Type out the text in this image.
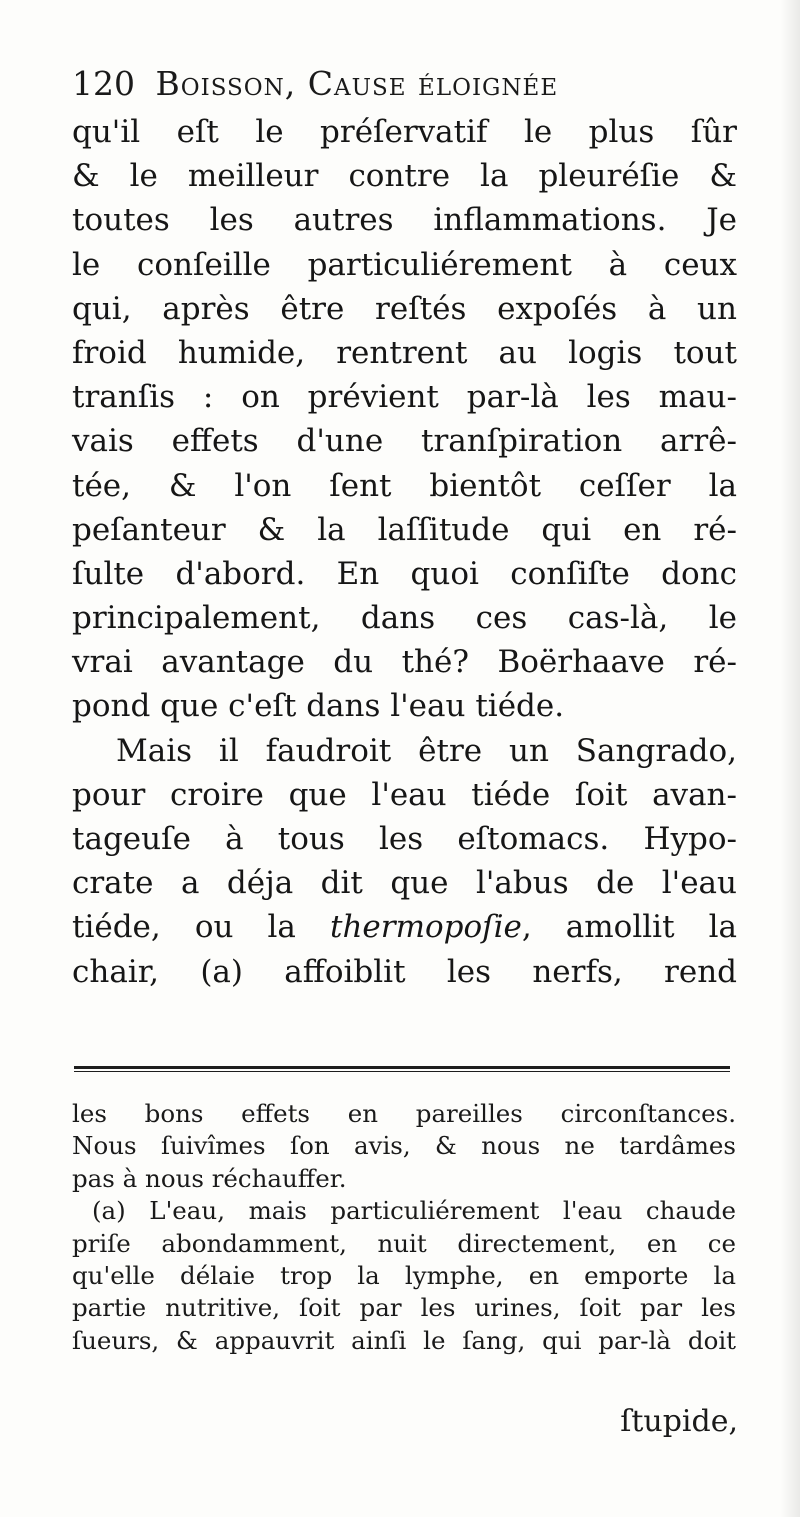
120 Boisson, Cause éloignée
qu'il eſt le préſervatif le plus ſûr
& le meilleur contre la pleuréſie &
toutes les autres inflammations. Je
le conſeille particuliérement à ceux
qui, après être reſtés expoſés à un
froid humide, rentrent au logis tout
tranſis : on prévient par-là les mau-
vais effets d'une tranſpiration arrê-
tée, & l'on ſent bientôt ceſſer la
peſanteur & la laſſitude qui en ré-
ſulte d'abord. En quoi conſiſte donc
principalement, dans ces cas-là, le
vrai avantage du thé? Boërhaave ré-
pond que c'eſt dans l'eau tiéde.
Mais il faudroit être un Sangrado,
pour croire que l'eau tiéde ſoit avan-
tageuſe à tous les eſtomacs. Hypo-
crate a déja dit que l'abus de l'eau
tiéde, ou la thermopoſie, amollit la
chair, (a) affoiblit les nerfs, rend
les bons effets en pareilles circonſtances.
Nous ſuivîmes ſon avis, & nous ne tardâmes
pas à nous réchauffer.
(a) L'eau, mais particuliérement l'eau chaude
priſe abondamment, nuit directement, en ce
qu'elle délaie trop la lymphe, en emporte la
partie nutritive, ſoit par les urines, ſoit par les
ſueurs, & appauvrit ainſi le ſang, qui par-là doit
ſtupide,
